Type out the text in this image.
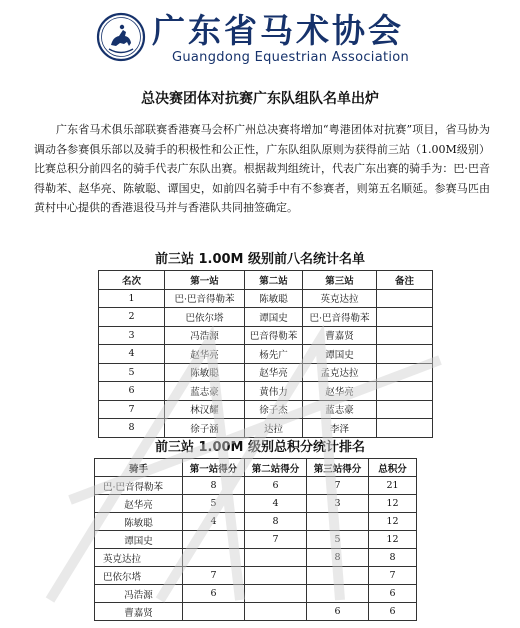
广东省马术协会
Guangdong Equestrian Association
总决赛团体对抗赛广东队组队名单出炉

广东省马术俱乐部联赛香港赛马会杯广州总决赛将增加“粤港团体对抗赛”项目，省马协为调动各参赛俱乐部以及骑手的积极性和公正性，广东队组队原则为获得前三站（1.00M级别）比赛总积分前四名的骑手代表广东队出赛。根据裁判组统计，代表广东出赛的骑手为：巴·巴音得勒苯、赵华亮、陈敏聪、谭国史，如前四名骑手中有不参赛者，则第五名顺延。参赛马匹由黄村中心提供的香港退役马并与香港队共同抽签确定。

前三站 1.00M 级别前八名统计名单
名次	第一站	第二站	第三站	备注
1	巴·巴音得勒苯	陈敏聪	英克达拉	
2	巴依尔塔	谭国史	巴·巴音得勒苯	
3	冯浩源	巴音得勒苯	曹嘉贤	
4	赵华亮	杨先广	谭国史	
5	陈敏聪	赵华亮	孟克达拉	
6	蓝志豪	黄伟力	赵华亮	
7	林汉耀	徐子杰	蓝志豪	
8	徐子涵	达拉	李泽	
前三站 1.00M 级别总积分统计排名
骑手	第一站得分	第二站得分	第三站得分	总积分
巴·巴音得勒苯	8	6	7	21
赵华亮	5	4	3	12
陈敏聪	4	8		12
谭国史		7	5	12
英克达拉			8	8
巴依尔塔	7			7
冯浩源	6			6
曹嘉贤			6	6
